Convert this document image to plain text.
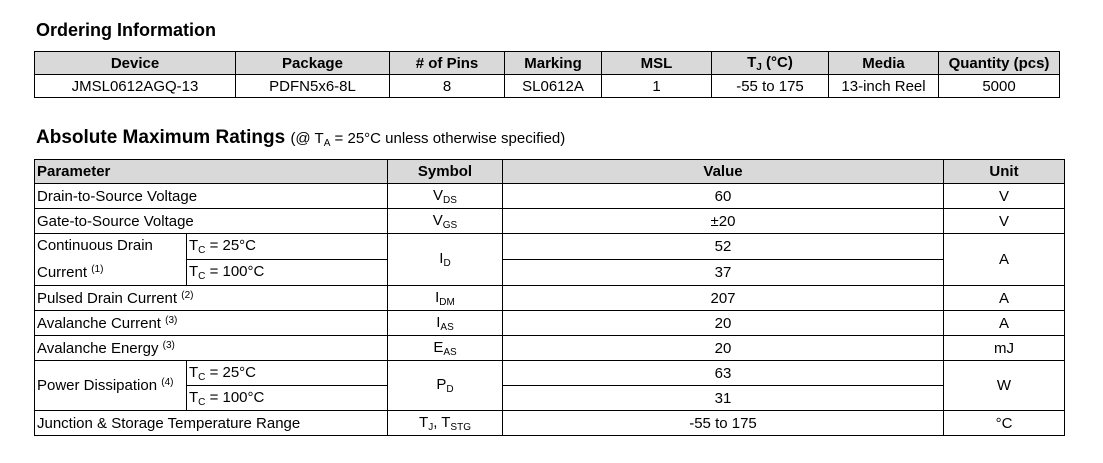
Ordering Information
Device	Package	# of Pins	Marking	MSL	$T_J$ (°C)	Media	Quantity (pcs)
JMSL0612AGQ-13	PDFN5x6-8L	8	SL0612A	1	-55 to 175	13-inch Reel	5000
Absolute Maximum Ratings (@ $T_A = 25^\circ C$ unless otherwise specified)
Parameter		Symbol	Value	Unit
Drain-to-Source Voltage		$V_{DS}$	60	V
Gate-to-Source Voltage		$V_{GS}$	±20	V
Continuous Drain Current $^{(1)}$	$T_C = 25^\circ C$	$I_D$	52	A
	$T_C = 100^\circ C$		37	
Pulsed Drain Current $^{(2)}$		$I_{DM}$	207	A
Avalanche Current $^{(3)}$		$I_{AS}$	20	A
Avalanche Energy $^{(3)}$		$E_{AS}$	20	mJ
Power Dissipation $^{(4)}$	$T_C = 25^\circ C$	$P_D$	63	W
	$T_C = 100^\circ C$		31	
Junction & Storage Temperature Range		$T_J$, $T_{STG}$	-55 to 175	°C
